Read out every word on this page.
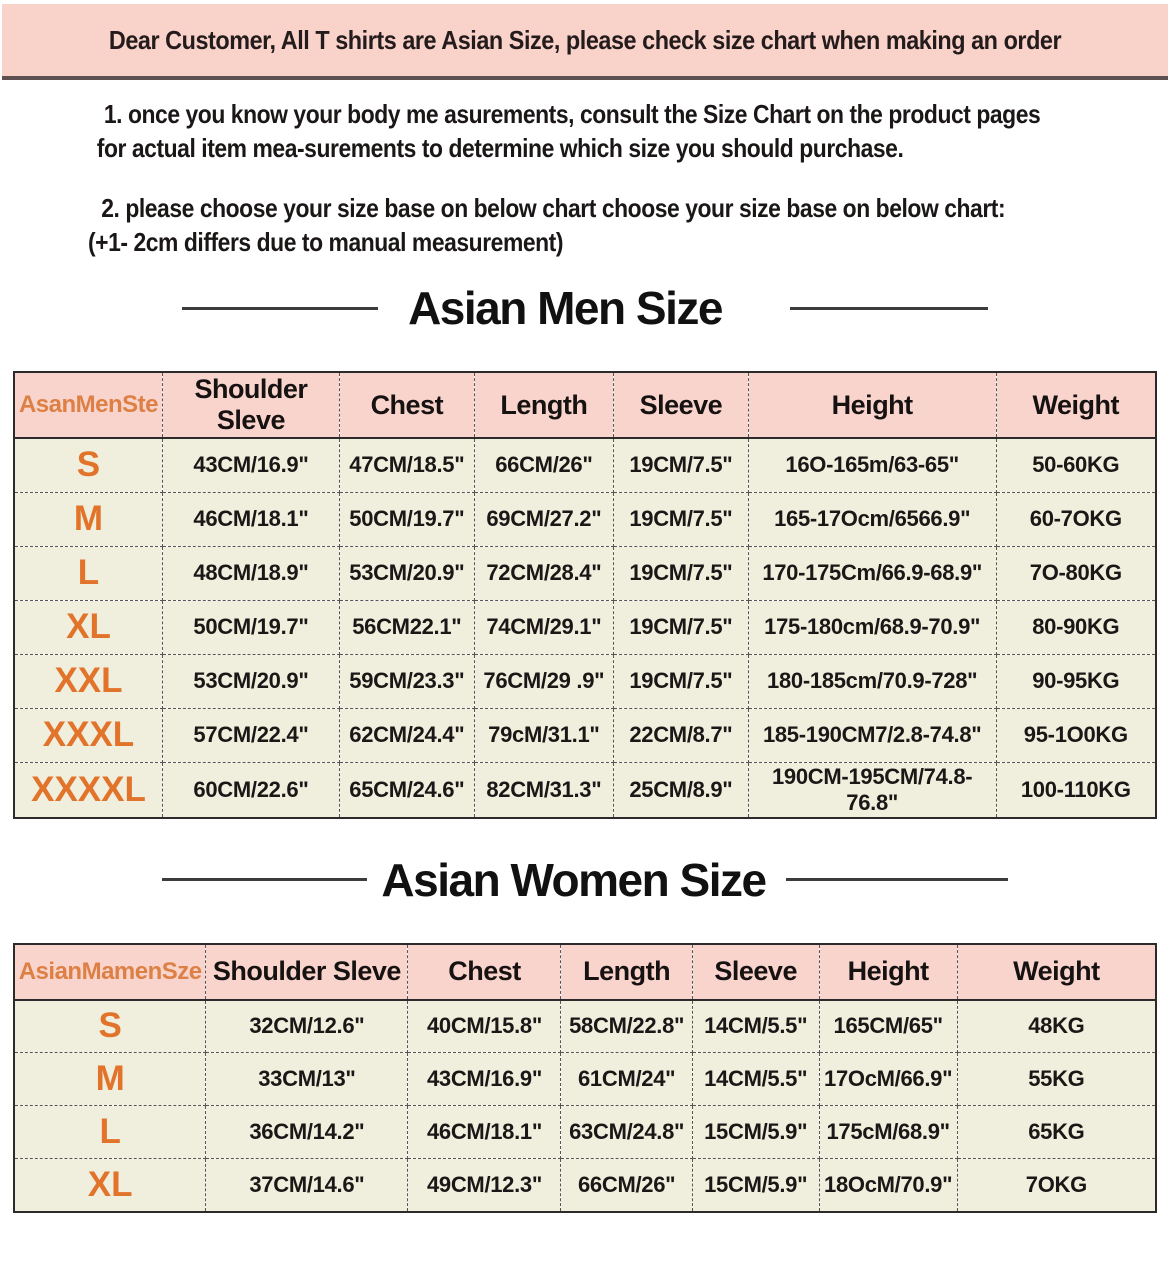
Dear Customer, All T shirts are Asian Size, please check size chart when making an order
1. once you know your body me asurements, consult the Size Chart on the product pages
for actual item mea-surements to determine which size you should purchase.
2. please choose your size base on below chart choose your size base on below chart:
(+1- 2cm differs due to manual measurement)
Asian Men Size
AsanMenSte	Shoulder Sleve	Chest	Length	Sleeve	Height	Weight
S	43CM/16.9"	47CM/18.5"	66CM/26"	19CM/7.5"	16O-165m/63-65"	50-60KG
M	46CM/18.1"	50CM/19.7"	69CM/27.2"	19CM/7.5"	165-17Ocm/6566.9"	60-7OKG
L	48CM/18.9"	53CM/20.9"	72CM/28.4"	19CM/7.5"	170-175Cm/66.9-68.9"	7O-80KG
XL	50CM/19.7"	56CM22.1"	74CM/29.1"	19CM/7.5"	175-180cm/68.9-70.9"	80-90KG
XXL	53CM/20.9"	59CM/23.3"	76CM/29 .9"	19CM/7.5"	180-185cm/70.9-728"	90-95KG
XXXL	57CM/22.4"	62CM/24.4"	79cM/31.1"	22CM/8.7"	185-190CM7/2.8-74.8"	95-1O0KG
XXXXL	60CM/22.6"	65CM/24.6"	82CM/31.3"	25CM/8.9"	190CM-195CM/74.8-76.8"	100-110KG
Asian Women Size
AsianMamenSze	Shoulder Sleve	Chest	Length	Sleeve	Height	Weight
S	32CM/12.6"	40CM/15.8"	58CM/22.8"	14CM/5.5"	165CM/65"	48KG
M	33CM/13"	43CM/16.9"	61CM/24"	14CM/5.5"	17OcM/66.9"	55KG
L	36CM/14.2"	46CM/18.1"	63CM/24.8"	15CM/5.9"	175cM/68.9"	65KG
XL	37CM/14.6"	49CM/12.3"	66CM/26"	15CM/5.9"	18OcM/70.9"	7OKG
